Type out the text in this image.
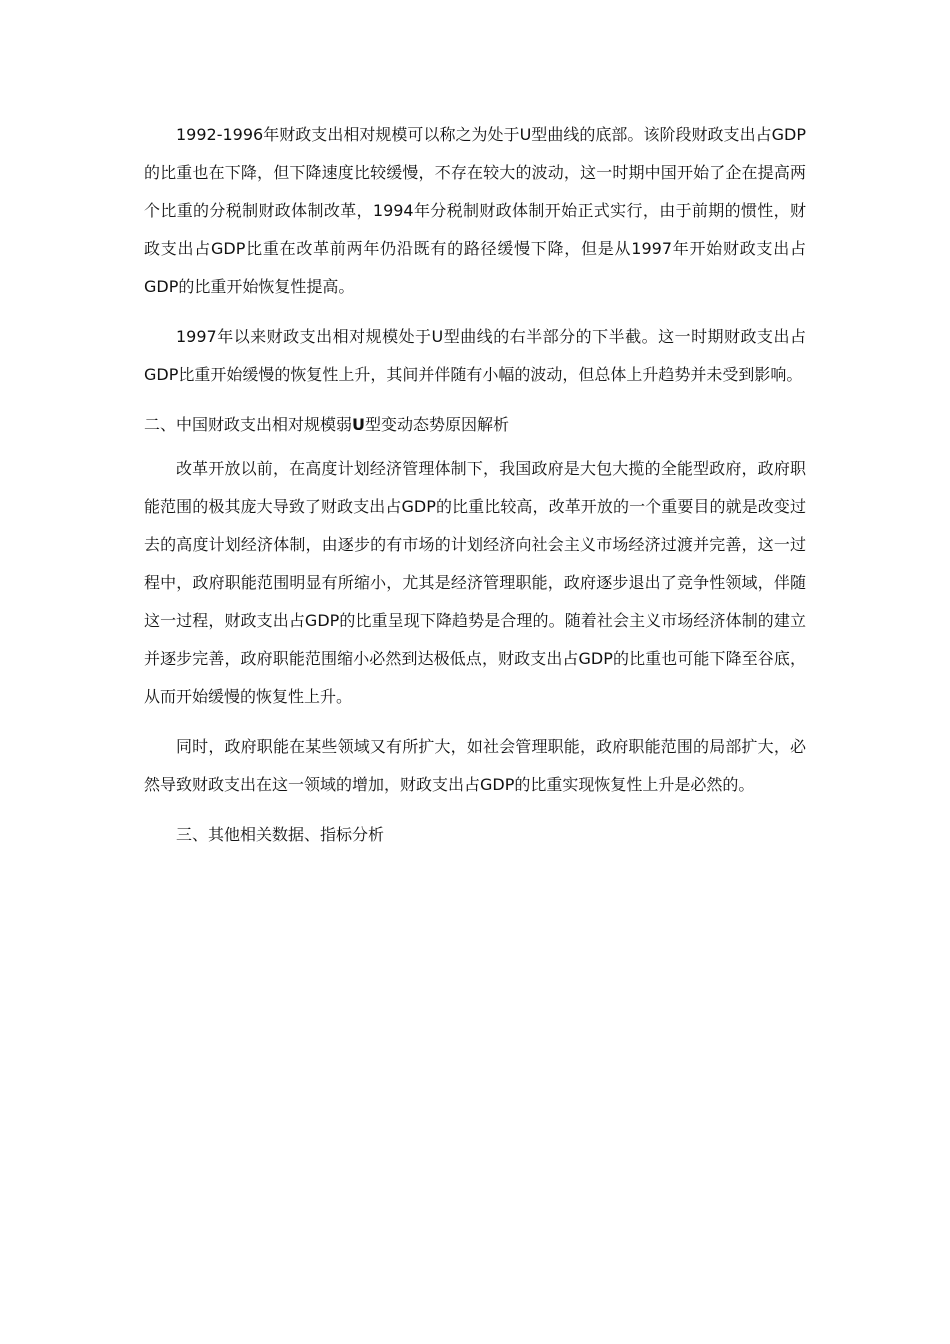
1992-1996年财政支出相对规模可以称之为处于U型曲线的底部。该阶段财政支出占GDP的比重也在下降，但下降速度比较缓慢，不存在较大的波动，这一时期中国开始了企在提高两个比重的分税制财政体制改革，1994年分税制财政体制开始正式实行，由于前期的惯性，财政支出占GDP比重在改革前两年仍沿既有的路径缓慢下降，但是从1997年开始财政支出占GDP的比重开始恢复性提高。

1997年以来财政支出相对规模处于U型曲线的右半部分的下半截。这一时期财政支出占GDP比重开始缓慢的恢复性上升，其间并伴随有小幅的波动，但总体上升趋势并未受到影响。

二、中国财政支出相对规模弱U型变动态势原因解析

改革开放以前，在高度计划经济管理体制下，我国政府是大包大揽的全能型政府，政府职能范围的极其庞大导致了财政支出占GDP的比重比较高，改革开放的一个重要目的就是改变过去的高度计划经济体制，由逐步的有市场的计划经济向社会主义市场经济过渡并完善，这一过程中，政府职能范围明显有所缩小，尤其是经济管理职能，政府逐步退出了竞争性领域，伴随这一过程，财政支出占GDP的比重呈现下降趋势是合理的。随着社会主义市场经济体制的建立并逐步完善，政府职能范围缩小必然到达极低点，财政支出占GDP的比重也可能下降至谷底，从而开始缓慢的恢复性上升。

同时，政府职能在某些领域又有所扩大，如社会管理职能，政府职能范围的局部扩大，必然导致财政支出在这一领域的增加，财政支出占GDP的比重实现恢复性上升是必然的。

三、其他相关数据、指标分析
